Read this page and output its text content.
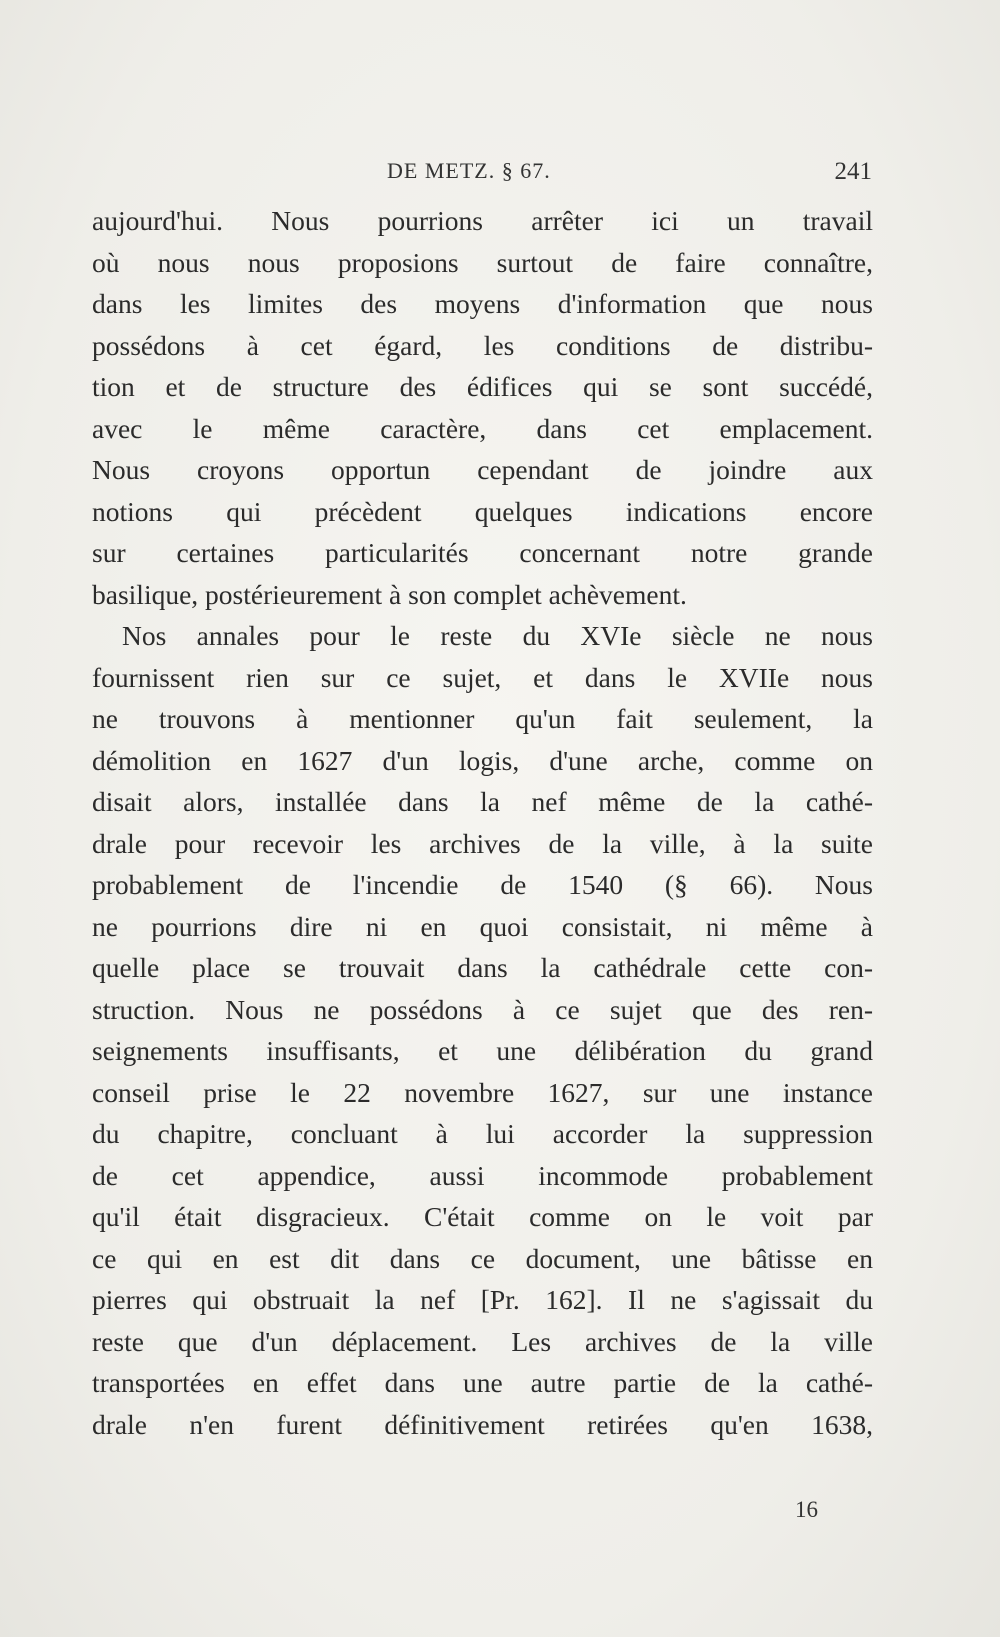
DE METZ. § 67.	241
aujourd'hui. Nous pourrions arrêter ici un travail
où nous nous proposions surtout de faire connaître,
dans les limites des moyens d'information que nous
possédons à cet égard, les conditions de distribu-
tion et de structure des édifices qui se sont succédé,
avec le même caractère, dans cet emplacement.
Nous croyons opportun cependant de joindre aux
notions qui précèdent quelques indications encore
sur certaines particularités concernant notre grande
basilique, postérieurement à son complet achèvement.
Nos annales pour le reste du XVIe siècle ne nous
fournissent rien sur ce sujet, et dans le XVIIe nous
ne trouvons à mentionner qu'un fait seulement, la
démolition en 1627 d'un logis, d'une arche, comme on
disait alors, installée dans la nef même de la cathé-
drale pour recevoir les archives de la ville, à la suite
probablement de l'incendie de 1540 (§ 66). Nous
ne pourrions dire ni en quoi consistait, ni même à
quelle place se trouvait dans la cathédrale cette con-
struction. Nous ne possédons à ce sujet que des ren-
seignements insuffisants, et une délibération du grand
conseil prise le 22 novembre 1627, sur une instance
du chapitre, concluant à lui accorder la suppression
de cet appendice, aussi incommode probablement
qu'il était disgracieux. C'était comme on le voit par
ce qui en est dit dans ce document, une bâtisse en
pierres qui obstruait la nef [Pr. 162]. Il ne s'agissait du
reste que d'un déplacement. Les archives de la ville
transportées en effet dans une autre partie de la cathé-
drale n'en furent définitivement retirées qu'en 1638,
16
